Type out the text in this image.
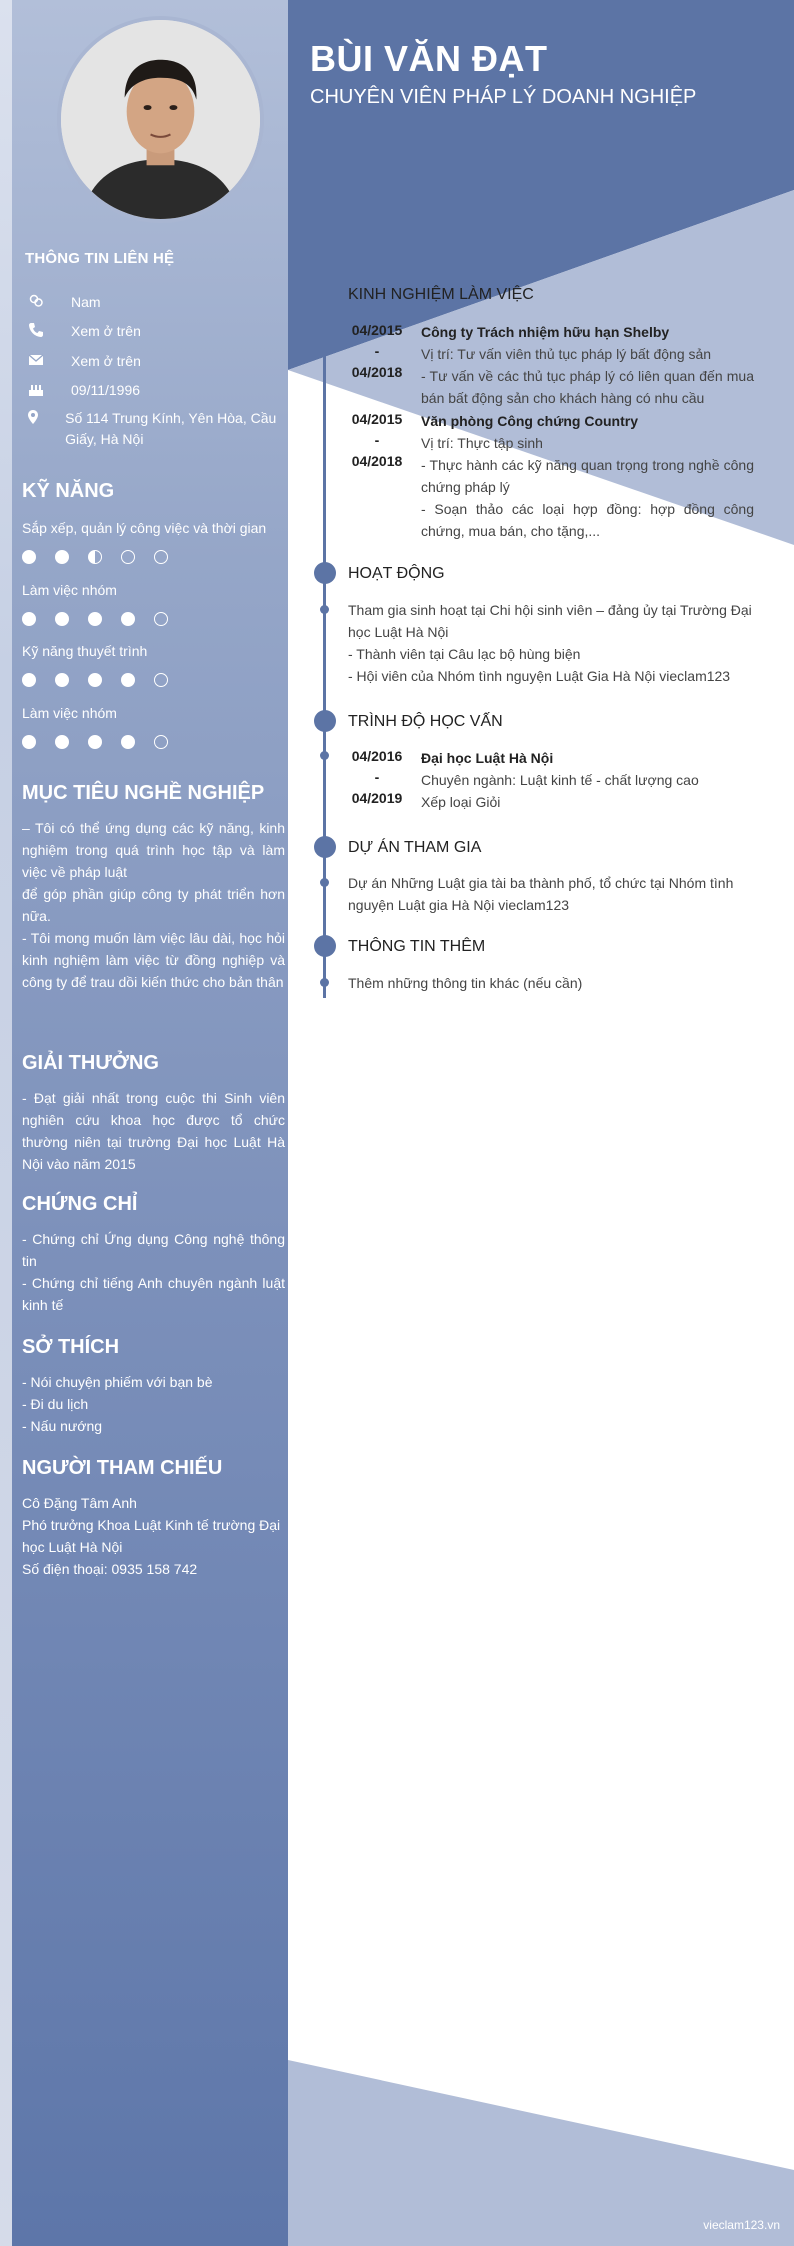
THÔNG TIN LIÊN HỆ
Nam
Xem ở trên
Xem ở trên
09/11/1996
Số 114 Trung Kính, Yên Hòa, Cầu Giấy, Hà Nội
KỸ NĂNG
Sắp xếp, quản lý công việc và thời gian
Làm việc nhóm
Kỹ năng thuyết trình
Làm việc nhóm
MỤC TIÊU NGHỀ NGHIỆP

– Tôi có thể ứng dụng các kỹ năng, kinh nghiệm trong quá trình học tập và làm việc về pháp luật

để góp phần giúp công ty phát triển hơn nữa.

- Tôi mong muốn làm việc lâu dài, học hỏi kinh nghiệm làm việc từ đồng nghiệp và công ty để trau dồi kiến thức cho bản thân

GIẢI THƯỞNG

- Đạt giải nhất trong cuộc thi Sinh viên nghiên cứu khoa học được tổ chức thường niên tại trường Đại học Luật Hà Nội vào năm 2015

CHỨNG CHỈ

- Chứng chỉ Ứng dụng Công nghệ thông tin

- Chứng chỉ tiếng Anh chuyên ngành luật kinh tế

SỞ THÍCH

- Nói chuyện phiếm với bạn bè

- Đi du lịch

- Nấu nướng

NGƯỜI THAM CHIẾU

Cô Đặng Tâm Anh

Phó trưởng Khoa Luật Kinh tế trường Đại học Luật Hà Nội

Số điện thoại: 0935 158 742

BÙI VĂN ĐẠT
CHUYÊN VIÊN PHÁP LÝ DOANH NGHIỆP
KINH NGHIỆM LÀM VIỆC
04/2015
-
04/2018

Công ty Trách nhiệm hữu hạn Shelby

Vị trí: Tư vấn viên thủ tục pháp lý bất động sản

- Tư vấn về các thủ tục pháp lý có liên quan đến mua bán bất động sản cho khách hàng có nhu cầu

04/2015
-
04/2018

Văn phòng Công chứng Country

Vị trí: Thực tập sinh

- Thực hành các kỹ năng quan trọng trong nghề công chứng pháp lý

- Soạn thảo các loại hợp đồng: hợp đồng công chứng, mua bán, cho tặng,...

HOẠT ĐỘNG

Tham gia sinh hoạt tại Chi hội sinh viên – đảng ủy tại Trường Đại học Luật Hà Nội

- Thành viên tại Câu lạc bộ hùng biện

- Hội viên của Nhóm tình nguyện Luật Gia Hà Nội vieclam123

TRÌNH ĐỘ HỌC VẤN
04/2016
-
04/2019

Đại học Luật Hà Nội

Chuyên ngành: Luật kinh tế - chất lượng cao

Xếp loại Giỏi

DỰ ÁN THAM GIA

Dự án Những Luật gia tài ba thành phố, tổ chức tại Nhóm tình nguyện Luật gia Hà Nội vieclam123

THÔNG TIN THÊM

Thêm những thông tin khác (nếu cần)

vieclam123.vn
